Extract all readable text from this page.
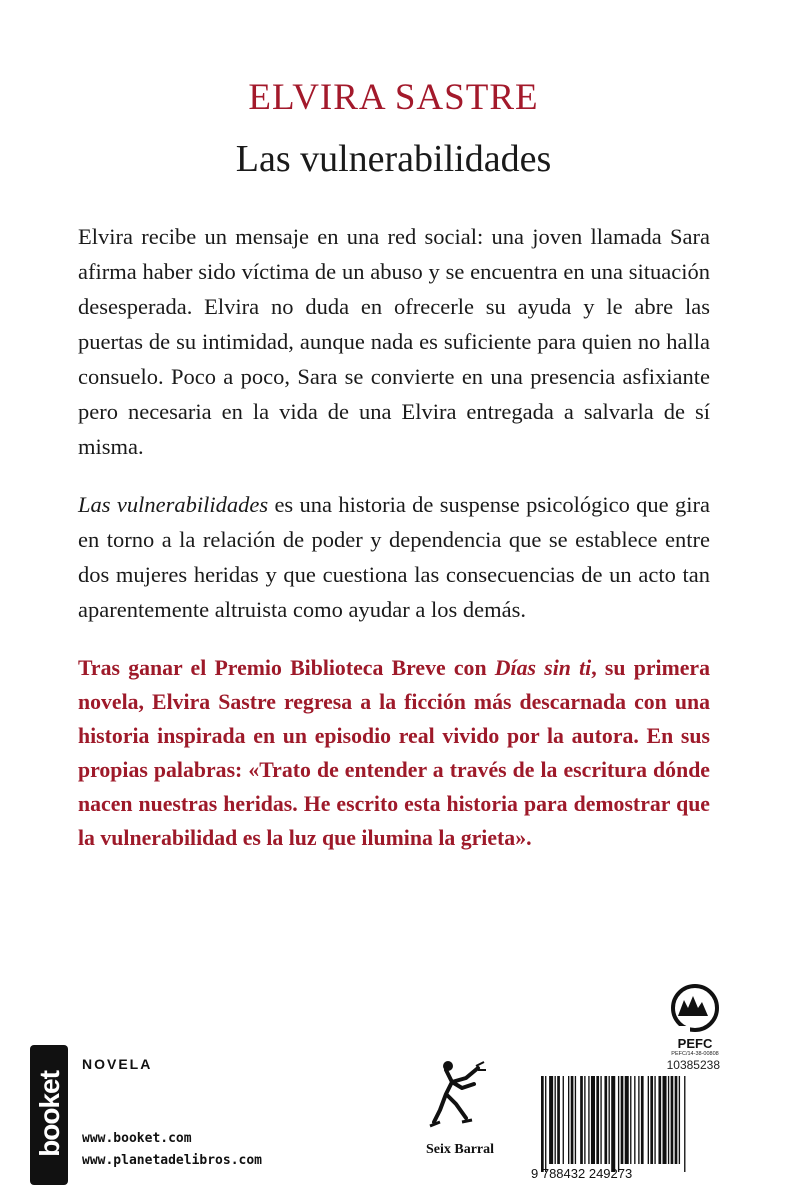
ELVIRA SASTRE
Las vulnerabilidades

Elvira recibe un mensaje en una red social: una joven llamada Sara afirma haber sido víctima de un abuso y se encuentra en una situación desesperada. Elvira no duda en ofrecerle su ayuda y le abre las puertas de su intimidad, aunque nada es suficiente para quien no halla consuelo. Poco a poco, Sara se convierte en una presencia asfixiante pero necesaria en la vida de una Elvira entregada a salvarla de sí misma.

Las vulnerabilidades es una historia de suspense psicológico que gira en torno a la relación de poder y dependencia que se establece entre dos mujeres heridas y que cuestiona las consecuencias de un acto tan aparentemente altruista como ayudar a los demás.

Tras ganar el Premio Biblioteca Breve con Días sin ti, su primera novela, Elvira Sastre regresa a la ficción más descarnada con una historia inspirada en un episodio real vivido por la autora. En sus propias palabras: «Trato de entender a través de la escritura dónde nacen nuestras heridas. He escrito esta historia para demostrar que la vulnerabilidad es la luz que ilumina la grieta».

PEFC
PEFC/14-38-00808
booket
NOVELA
www.booket.com
www.planetadelibros.com
Seix Barral
10385238
9 788432 249273
